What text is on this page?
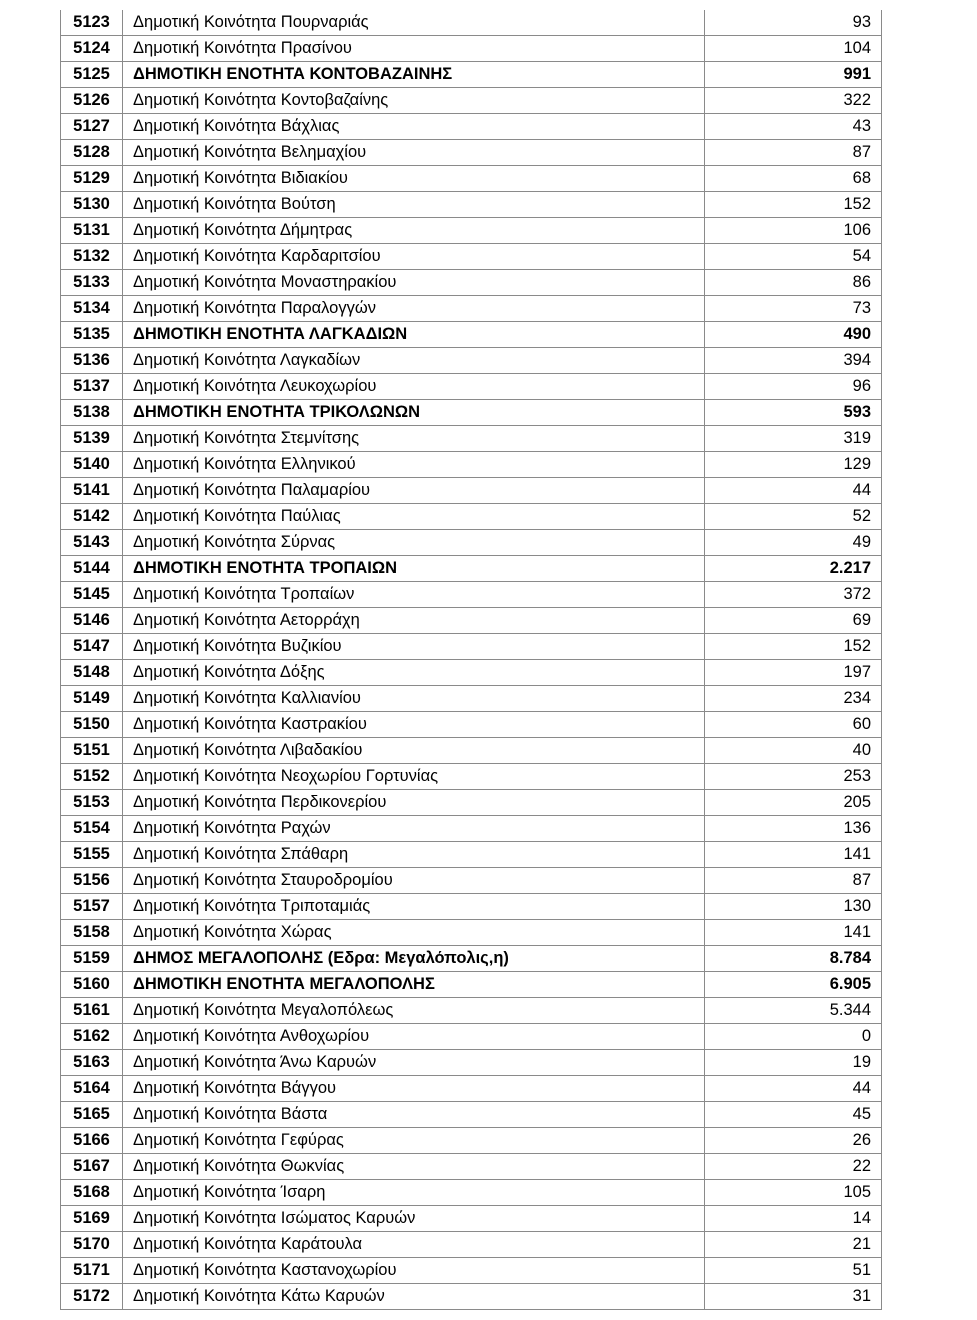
5123	Δημοτική Κοινότητα Πουρναριάς	93
5124	Δημοτική Κοινότητα Πρασίνου	104
5125	ΔΗΜΟΤΙΚΗ ΕΝΟΤΗΤΑ ΚΟΝΤΟΒΑΖΑΙΝΗΣ	991
5126	Δημοτική Κοινότητα Κοντοβαζαίνης	322
5127	Δημοτική Κοινότητα Βάχλιας	43
5128	Δημοτική Κοινότητα Βελημαχίου	87
5129	Δημοτική Κοινότητα Βιδιακίου	68
5130	Δημοτική Κοινότητα Βούτση	152
5131	Δημοτική Κοινότητα Δήμητρας	106
5132	Δημοτική Κοινότητα Καρδαριτσίου	54
5133	Δημοτική Κοινότητα Μοναστηρακίου	86
5134	Δημοτική Κοινότητα Παραλογγών	73
5135	ΔΗΜΟΤΙΚΗ ΕΝΟΤΗΤΑ ΛΑΓΚΑΔΙΩΝ	490
5136	Δημοτική Κοινότητα Λαγκαδίων	394
5137	Δημοτική Κοινότητα Λευκοχωρίου	96
5138	ΔΗΜΟΤΙΚΗ ΕΝΟΤΗΤΑ ΤΡΙΚΟΛΩΝΩΝ	593
5139	Δημοτική Κοινότητα Στεμνίτσης	319
5140	Δημοτική Κοινότητα Ελληνικού	129
5141	Δημοτική Κοινότητα Παλαμαρίου	44
5142	Δημοτική Κοινότητα Παύλιας	52
5143	Δημοτική Κοινότητα Σύρνας	49
5144	ΔΗΜΟΤΙΚΗ ΕΝΟΤΗΤΑ ΤΡΟΠΑΙΩΝ	2.217
5145	Δημοτική Κοινότητα Τροπαίων	372
5146	Δημοτική Κοινότητα Αετορράχη	69
5147	Δημοτική Κοινότητα Βυζικίου	152
5148	Δημοτική Κοινότητα Δόξης	197
5149	Δημοτική Κοινότητα Καλλιανίου	234
5150	Δημοτική Κοινότητα Καστρακίου	60
5151	Δημοτική Κοινότητα Λιβαδακίου	40
5152	Δημοτική Κοινότητα Νεοχωρίου Γορτυνίας	253
5153	Δημοτική Κοινότητα Περδικονερίου	205
5154	Δημοτική Κοινότητα Ραχών	136
5155	Δημοτική Κοινότητα Σπάθαρη	141
5156	Δημοτική Κοινότητα Σταυροδρομίου	87
5157	Δημοτική Κοινότητα Τριποταμιάς	130
5158	Δημοτική Κοινότητα Χώρας	141
5159	ΔΗΜΟΣ ΜΕΓΑΛΟΠΟΛΗΣ (Εδρα: Μεγαλόπολις,η)	8.784
5160	ΔΗΜΟΤΙΚΗ ΕΝΟΤΗΤΑ ΜΕΓΑΛΟΠΟΛΗΣ	6.905
5161	Δημοτική Κοινότητα Μεγαλοπόλεως	5.344
5162	Δημοτική Κοινότητα Ανθοχωρίου	0
5163	Δημοτική Κοινότητα Άνω Καρυών	19
5164	Δημοτική Κοινότητα Βάγγου	44
5165	Δημοτική Κοινότητα Βάστα	45
5166	Δημοτική Κοινότητα Γεφύρας	26
5167	Δημοτική Κοινότητα Θωκνίας	22
5168	Δημοτική Κοινότητα Ίσαρη	105
5169	Δημοτική Κοινότητα Ισώματος Καρυών	14
5170	Δημοτική Κοινότητα Καράτουλα	21
5171	Δημοτική Κοινότητα Καστανοχωρίου	51
5172	Δημοτική Κοινότητα Κάτω Καρυών	31
